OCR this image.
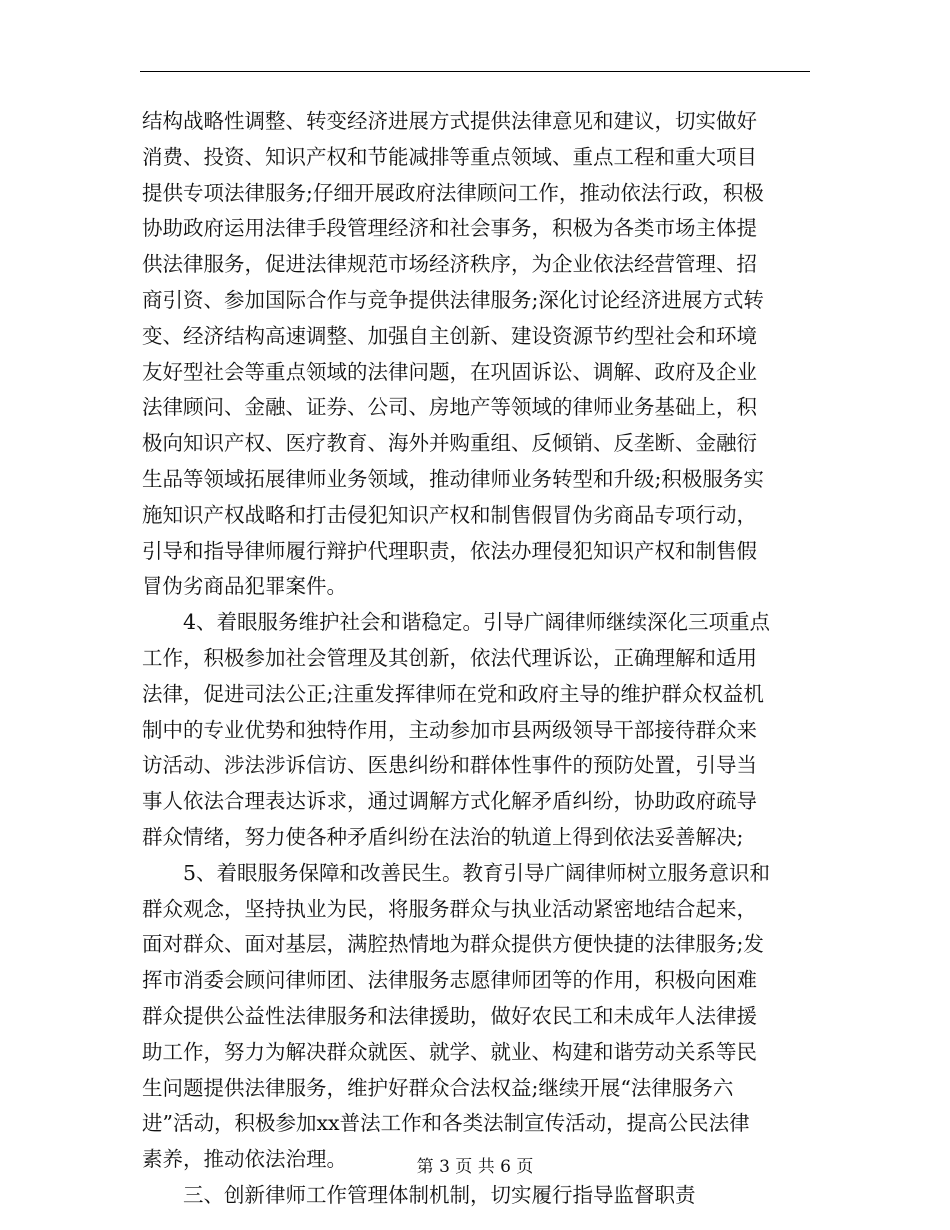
结构战略性调整、转变经济进展方式提供法律意见和建议，切实做好
消费、投资、知识产权和节能减排等重点领域、重点工程和重大项目
提供专项法律服务;仔细开展政府法律顾问工作，推动依法行政，积极
协助政府运用法律手段管理经济和社会事务，积极为各类市场主体提
供法律服务，促进法律规范市场经济秩序，为企业依法经营管理、招
商引资、参加国际合作与竞争提供法律服务;深化讨论经济进展方式转
变、经济结构高速调整、加强自主创新、建设资源节约型社会和环境
友好型社会等重点领域的法律问题，在巩固诉讼、调解、政府及企业
法律顾问、金融、证券、公司、房地产等领域的律师业务基础上，积
极向知识产权、医疗教育、海外并购重组、反倾销、反垄断、金融衍
生品等领域拓展律师业务领域，推动律师业务转型和升级;积极服务实
施知识产权战略和打击侵犯知识产权和制售假冒伪劣商品专项行动，
引导和指导律师履行辩护代理职责，依法办理侵犯知识产权和制售假
冒伪劣商品犯罪案件。
4、着眼服务维护社会和谐稳定。引导广阔律师继续深化三项重点
工作，积极参加社会管理及其创新，依法代理诉讼，正确理解和适用
法律，促进司法公正;注重发挥律师在党和政府主导的维护群众权益机
制中的专业优势和独特作用，主动参加市县两级领导干部接待群众来
访活动、涉法涉诉信访、医患纠纷和群体性事件的预防处置，引导当
事人依法合理表达诉求，通过调解方式化解矛盾纠纷，协助政府疏导
群众情绪，努力使各种矛盾纠纷在法治的轨道上得到依法妥善解决;
5、着眼服务保障和改善民生。教育引导广阔律师树立服务意识和
群众观念，坚持执业为民，将服务群众与执业活动紧密地结合起来，
面对群众、面对基层，满腔热情地为群众提供方便快捷的法律服务;发
挥市消委会顾问律师团、法律服务志愿律师团等的作用，积极向困难
群众提供公益性法律服务和法律援助，做好农民工和未成年人法律援
助工作，努力为解决群众就医、就学、就业、构建和谐劳动关系等民
生问题提供法律服务，维护好群众合法权益;继续开展“法律服务六
进”活动，积极参加xx普法工作和各类法制宣传活动，提高公民法律
素养，推动依法治理。
三、创新律师工作管理体制机制，切实履行指导监督职责
第 3 页 共 6 页
